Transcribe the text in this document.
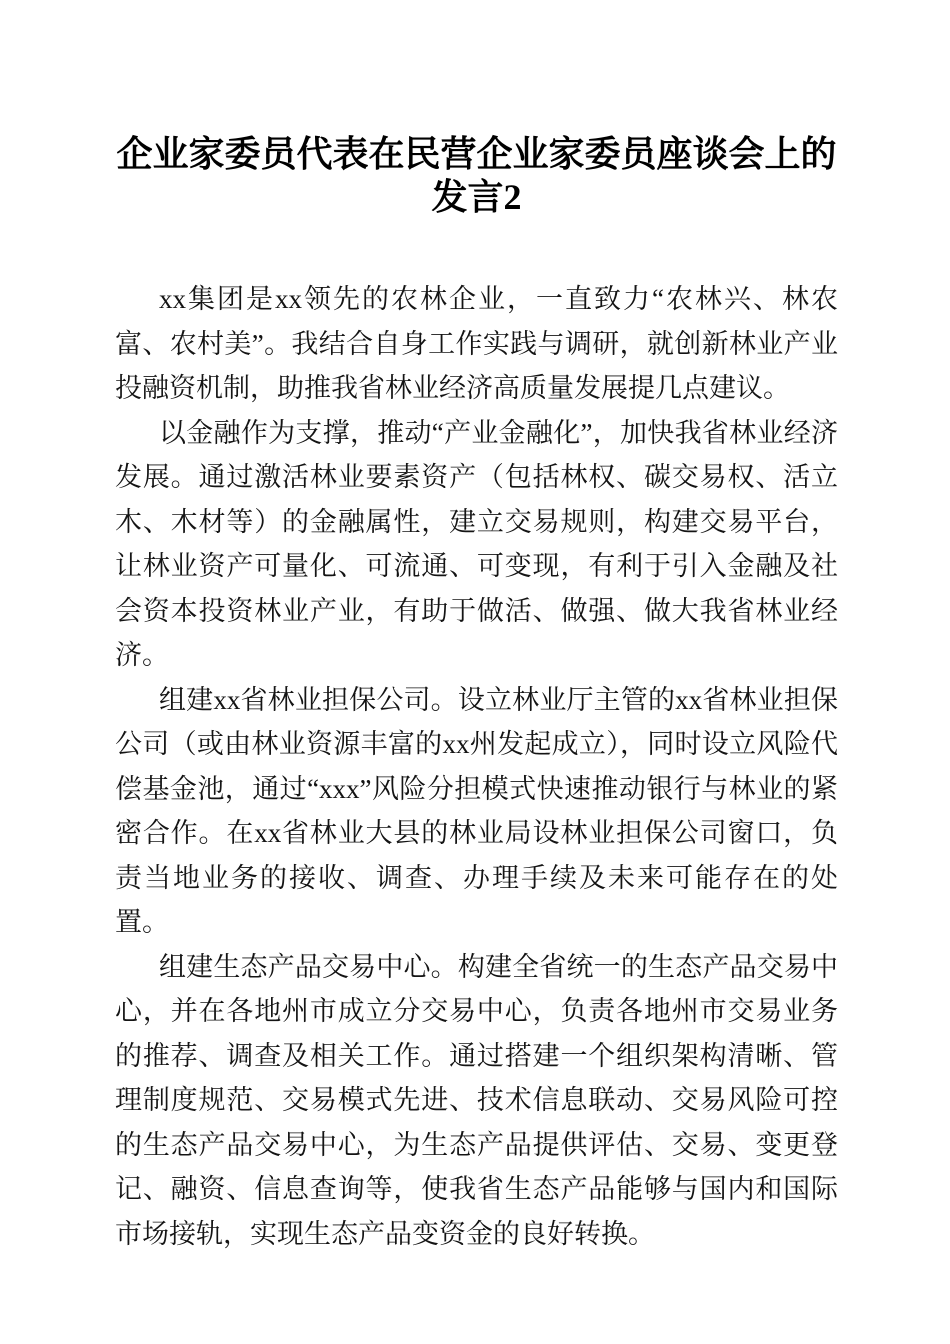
企业家委员代表在民营企业家委员座谈会上的发言2

xx集团是xx领先的农林企业，一直致力“农林兴、林农富、农村美”。我结合自身工作实践与调研，就创新林业产业投融资机制，助推我省林业经济高质量发展提几点建议。

以金融作为支撑，推动“产业金融化”，加快我省林业经济发展。通过激活林业要素资产（包括林权、碳交易权、活立木、木材等）的金融属性，建立交易规则，构建交易平台，让林业资产可量化、可流通、可变现，有利于引入金融及社会资本投资林业产业，有助于做活、做强、做大我省林业经济。

组建xx省林业担保公司。设立林业厅主管的xx省林业担保公司（或由林业资源丰富的xx州发起成立），同时设立风险代偿基金池，通过“xxx”风险分担模式快速推动银行与林业的紧密合作。在xx省林业大县的林业局设林业担保公司窗口，负责当地业务的接收、调查、办理手续及未来可能存在的处置。

组建生态产品交易中心。构建全省统一的生态产品交易中心，并在各地州市成立分交易中心，负责各地州市交易业务的推荐、调查及相关工作。通过搭建一个组织架构清晰、管理制度规范、交易模式先进、技术信息联动、交易风险可控的生态产品交易中心，为生态产品提供评估、交易、变更登记、融资、信息查询等，使我省生态产品能够与国内和国际市场接轨，实现生态产品变资金的良好转换。
